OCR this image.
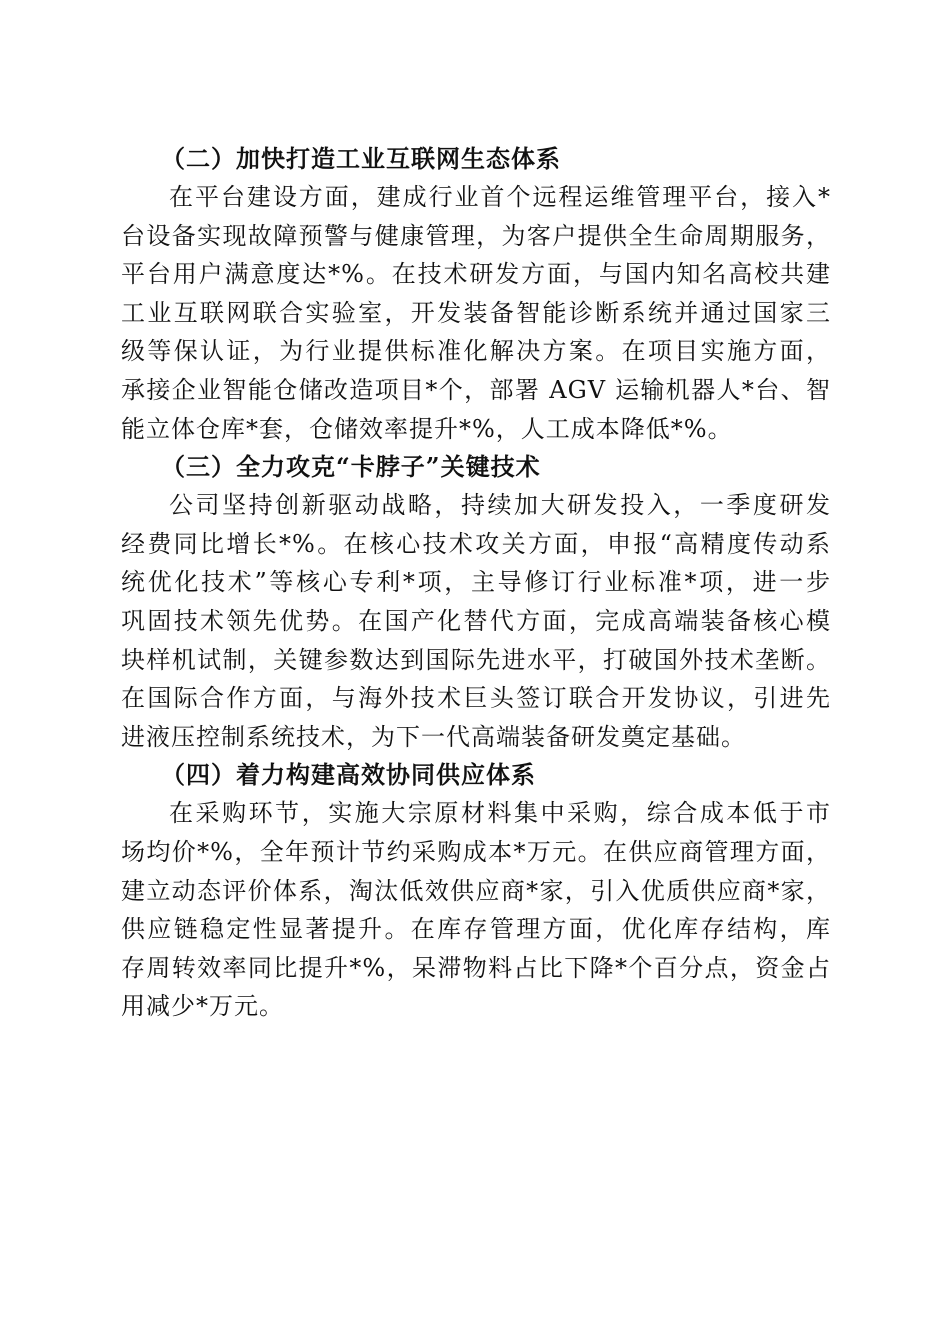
（二）加快打造工业互联网生态体系
在平台建设方面，建成行业首个远程运维管理平台，接入*
台设备实现故障预警与健康管理，为客户提供全生命周期服务，
平台用户满意度达*%。在技术研发方面，与国内知名高校共建
工业互联网联合实验室，开发装备智能诊断系统并通过国家三
级等保认证，为行业提供标准化解决方案。在项目实施方面，
承接企业智能仓储改造项目*个，部署 AGV 运输机器人*台、智
能立体仓库*套，仓储效率提升*%，人工成本降低*%。
（三）全力攻克“卡脖子”关键技术
公司坚持创新驱动战略，持续加大研发投入，一季度研发
经费同比增长*%。在核心技术攻关方面，申报“高精度传动系
统优化技术”等核心专利*项，主导修订行业标准*项，进一步
巩固技术领先优势。在国产化替代方面，完成高端装备核心模
块样机试制，关键参数达到国际先进水平，打破国外技术垄断。
在国际合作方面，与海外技术巨头签订联合开发协议，引进先
进液压控制系统技术，为下一代高端装备研发奠定基础。
（四）着力构建高效协同供应体系
在采购环节，实施大宗原材料集中采购，综合成本低于市
场均价*%，全年预计节约采购成本*万元。在供应商管理方面，
建立动态评价体系，淘汰低效供应商*家，引入优质供应商*家，
供应链稳定性显著提升。在库存管理方面，优化库存结构，库
存周转效率同比提升*%，呆滞物料占比下降*个百分点，资金占
用减少*万元。
